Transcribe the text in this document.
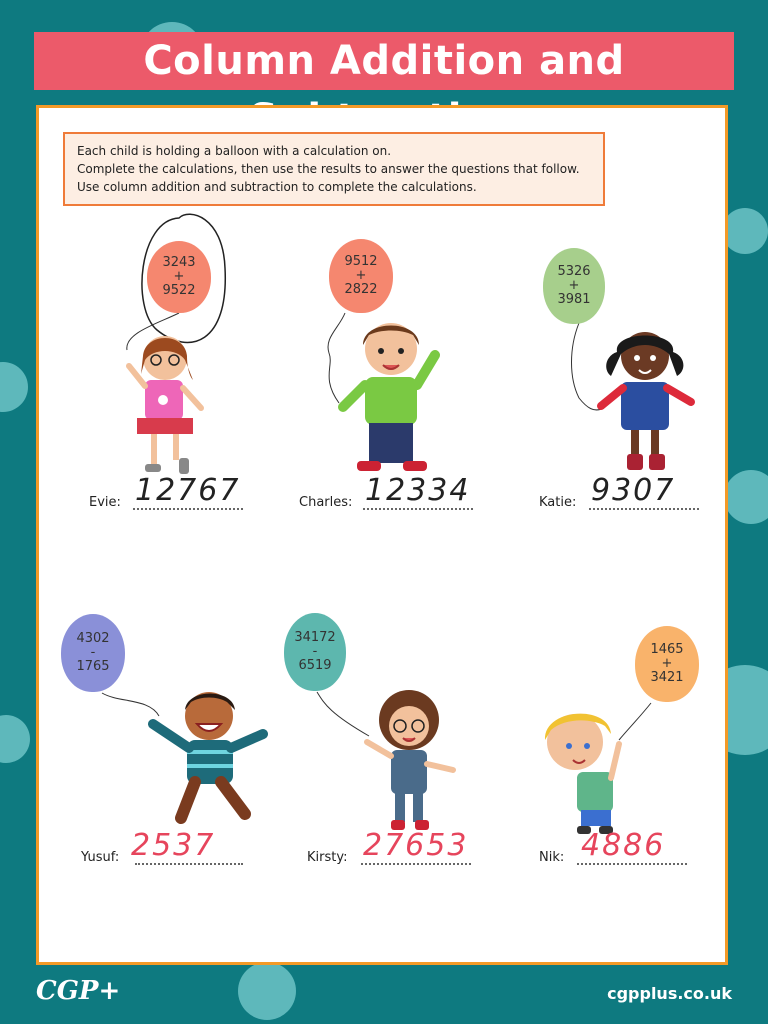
Column Addition and
Each child is holding a balloon with a calculation on.
Complete the calculations, then use the results to answer the questions that follow.
Use column addition and subtraction to complete the calculations.
3243
+
9522
9512
+
2822
5326
+
3981
4302
-
1765
34172
-
6519
1465
+
3421
Evie: 12767	Charles: 12334	Katie: 9307
Yusuf: 2537	Kirsty: 27653	Nik: 4886
CGP+	cgpplus.co.uk
